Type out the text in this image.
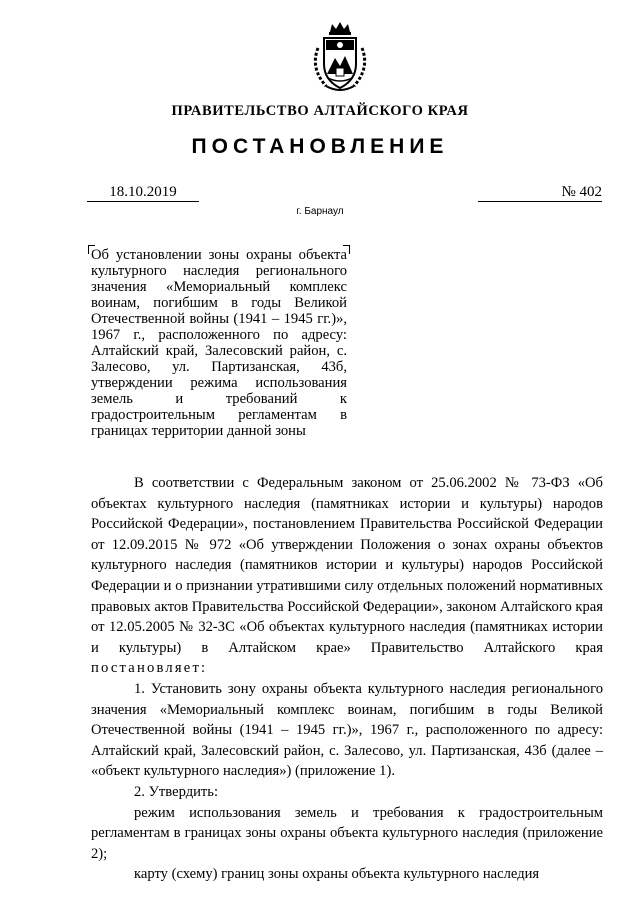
ПРАВИТЕЛЬСТВО АЛТАЙСКОГО КРАЯ
ПОСТАНОВЛЕНИЕ
18.10.2019	№ 402
г. Барнаул
Об установлении зоны охраны объекта культурного наследия регионального значения «Мемориальный комплекс воинам, погибшим в годы Великой Отечественной войны (1941 – 1945 гг.)», 1967 г., расположенного по адресу: Алтайский край, Залесовский район, с. Залесово, ул. Партизанская, 43б, утверждении режима использования земель и требований к градостроительным регламентам в границах территории данной зоны

В соответствии с Федеральным законом от 25.06.2002 № 73-ФЗ «Об объектах культурного наследия (памятниках истории и культуры) народов Российской Федерации», постановлением Правительства Российской Федерации от 12.09.2015 № 972 «Об утверждении Положения о зонах охраны объектов культурного наследия (памятников истории и культуры) народов Российской Федерации и о признании утратившими силу отдельных положений нормативных правовых актов Правительства Российской Федерации», законом Алтайского края от 12.05.2005 № 32-ЗС «Об объектах культурного наследия (памятниках истории и культуры) в Алтайском крае» Правительство Алтайского края постановляет:

1. Установить зону охраны объекта культурного наследия регионального значения «Мемориальный комплекс воинам, погибшим в годы Великой Отечественной войны (1941 – 1945 гг.)», 1967 г., расположенного по адресу: Алтайский край, Залесовский район, с. Залесово, ул. Партизанская, 43б (далее – «объект культурного наследия») (приложение 1).

2. Утвердить:

режим использования земель и требования к градостроительным регламентам в границах зоны охраны объекта культурного наследия (приложение 2);

карту (схему) границ зоны охраны объекта культурного наследия
